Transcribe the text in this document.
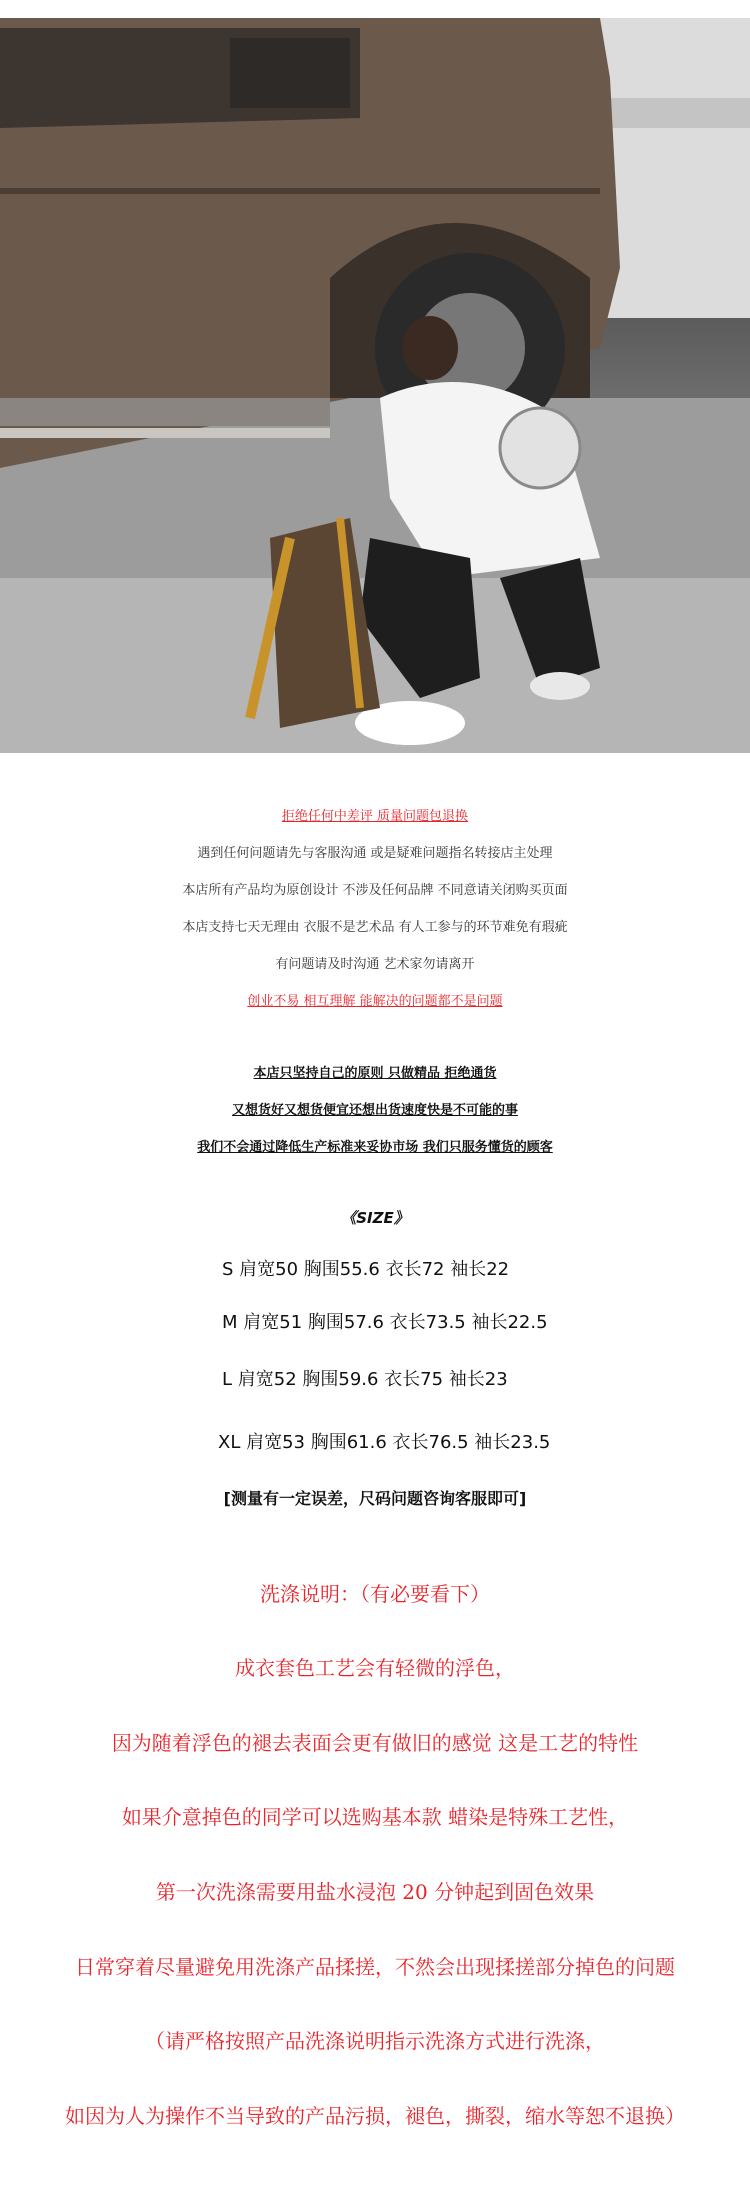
拒绝任何中差评 质量问题包退换
遇到任何问题请先与客服沟通 或是疑难问题指名转接店主处理
本店所有产品均为原创设计 不涉及任何品牌 不同意请关闭购买页面
本店支持七天无理由 衣服不是艺术品 有人工参与的环节难免有瑕疵
有问题请及时沟通 艺术家勿请离开
创业不易 相互理解 能解决的问题都不是问题
本店只坚持自己的原则 只做精品 拒绝通货
又想货好又想货便宜还想出货速度快是不可能的事
我们不会通过降低生产标准来妥协市场 我们只服务懂货的顾客
《SIZE》
S 肩宽50 胸围55.6 衣长72 袖长22
M 肩宽51 胸围57.6 衣长73.5 袖长22.5
L 肩宽52 胸围59.6 衣长75 袖长23
XL 肩宽53 胸围61.6 衣长76.5 袖长23.5
[测量有一定误差，尺码问题咨询客服即可]
洗涤说明：（有必要看下）
成衣套色工艺会有轻微的浮色，
因为随着浮色的褪去表面会更有做旧的感觉 这是工艺的特性
如果介意掉色的同学可以选购基本款 蜡染是特殊工艺性，
第一次洗涤需要用盐水浸泡 20 分钟起到固色效果
日常穿着尽量避免用洗涤产品揉搓，不然会出现揉搓部分掉色的问题
（请严格按照产品洗涤说明指示洗涤方式进行洗涤，
如因为人为操作不当导致的产品污损，褪色，撕裂，缩水等恕不退换）
